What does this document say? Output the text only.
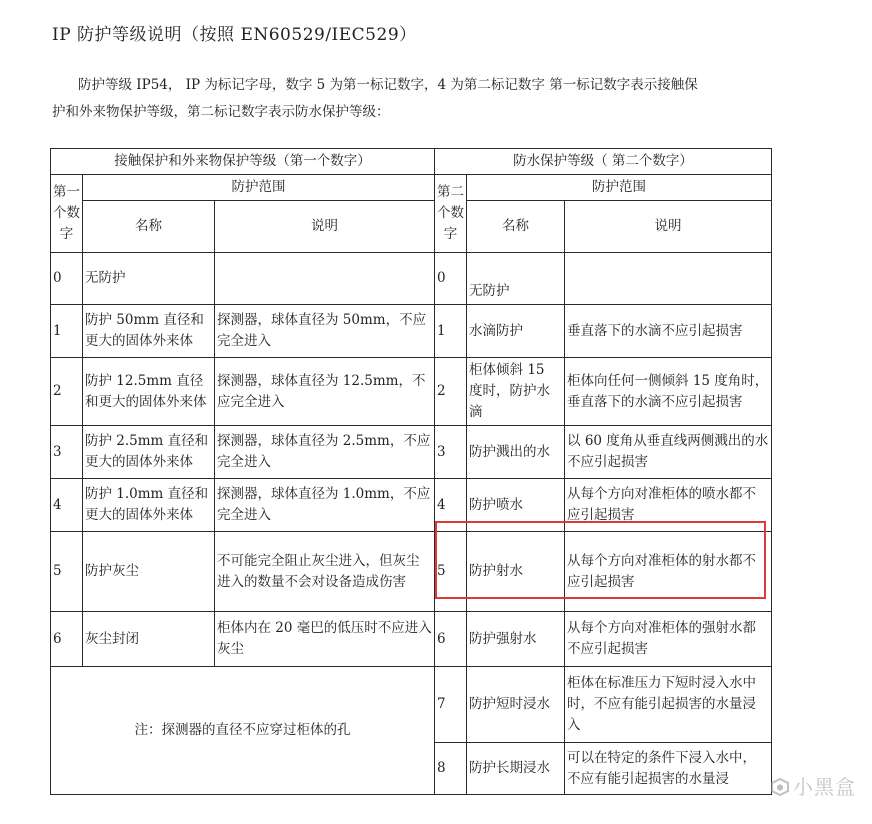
IP 防护等级说明（按照 EN60529/IEC529）
防护等级 IP54， IP 为标记字母，数字 5 为第一标记数字，4 为第二标记数字 第一标记数字表示接触保
护和外来物保护等级，第二标记数字表示防水保护等级：
接触保护和外来物保护等级（第一个数字）			防水保护等级（ 第二个数字）		
第一个数字	防护范围		第二个数字	防护范围	
	名称	说明		名称	说明
0	无防护		0	无防护	
1	防护 50mm 直径和更大的固体外来体	探测器，球体直径为 50mm，不应完全进入	1	水滴防护	垂直落下的水滴不应引起损害
2	防护 12.5mm 直径和更大的固体外来体	探测器，球体直径为 12.5mm，不应完全进入	2	柜体倾斜 15 度时，防护水滴	柜体向任何一侧倾斜 15 度角时，垂直落下的水滴不应引起损害
3	防护 2.5mm 直径和更大的固体外来体	探测器，球体直径为 2.5mm，不应完全进入	3	防护溅出的水	以 60 度角从垂直线两侧溅出的水不应引起损害
4	防护 1.0mm 直径和更大的固体外来体	探测器，球体直径为 1.0mm，不应完全进入	4	防护喷水	从每个方向对准柜体的喷水都不应引起损害
5	防护灰尘	不可能完全阻止灰尘进入，但灰尘进入的数量不会对设备造成伤害	5	防护射水	从每个方向对准柜体的射水都不应引起损害
6	灰尘封闭	柜体内在 20 毫巴的低压时不应进入灰尘	6	防护强射水	从每个方向对准柜体的强射水都不应引起损害
注：探测器的直径不应穿过柜体的孔			7	防护短时浸水	柜体在标准压力下短时浸入水中时，不应有能引起损害的水量浸入
			8	防护长期浸水	可以在特定的条件下浸入水中，不应有能引起损害的水量浸	小黑盒
